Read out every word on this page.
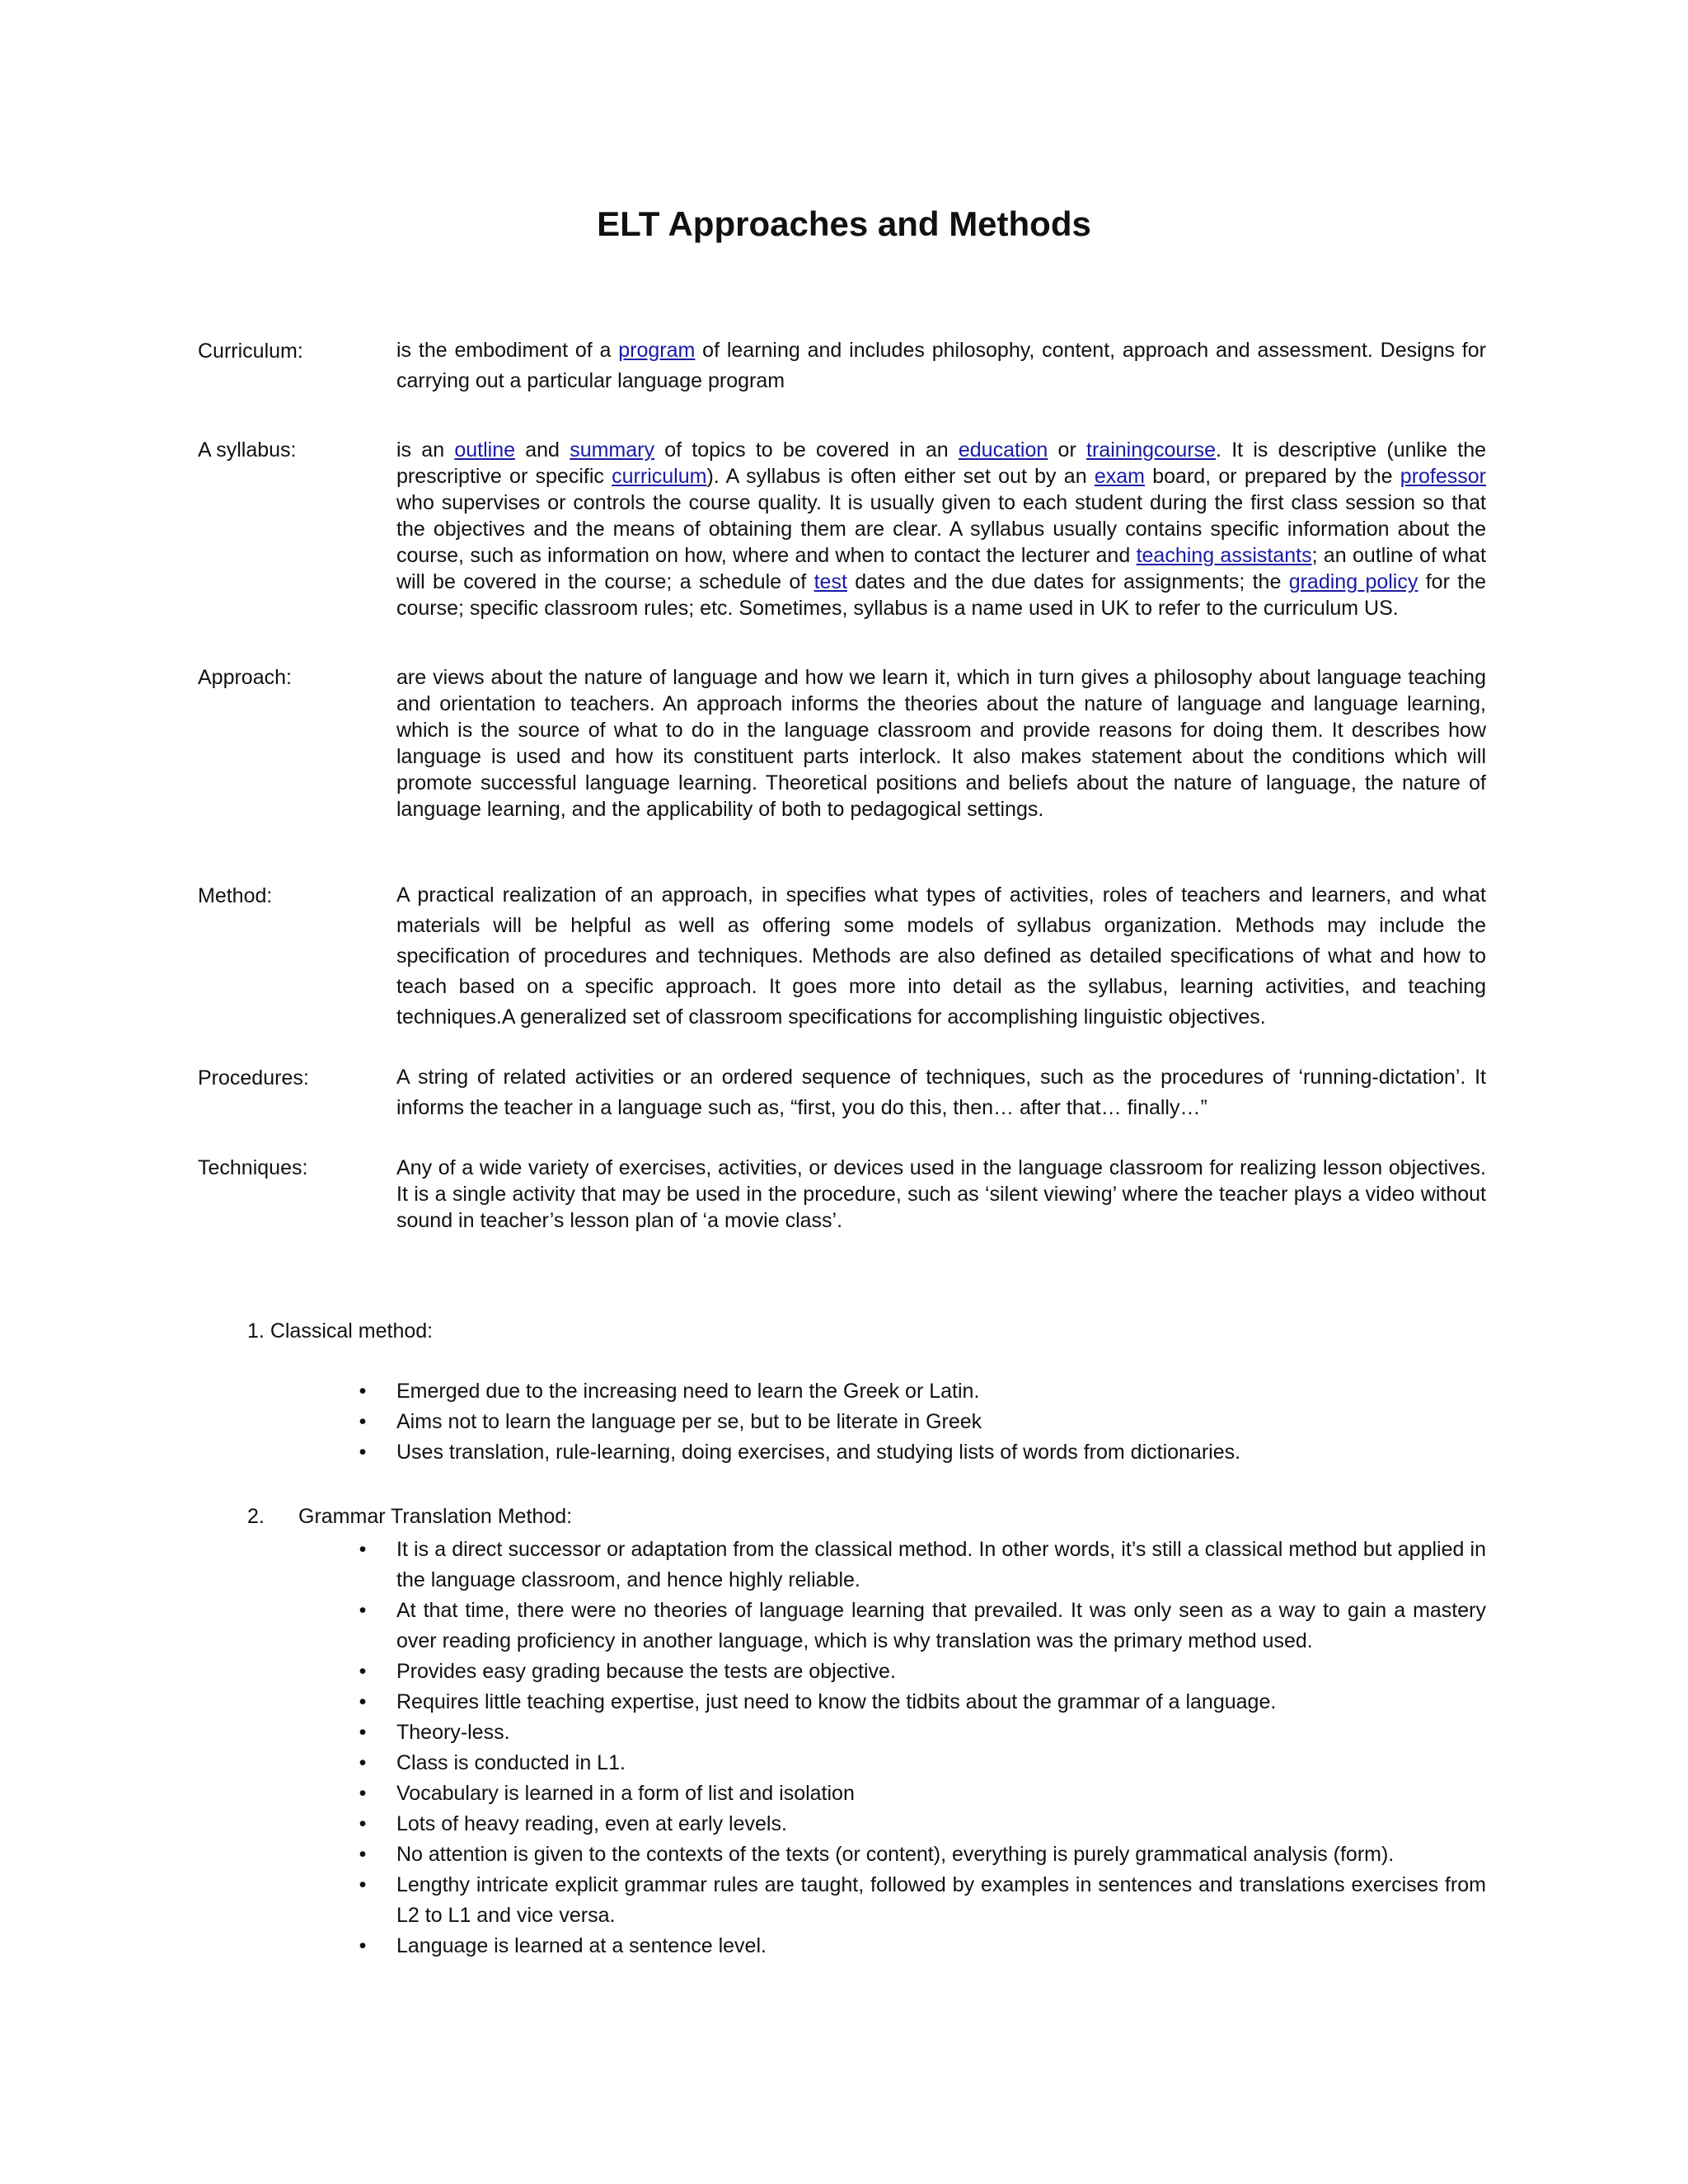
ELT Approaches and Methods
Curriculum:	is the embodiment of a program of learning and includes philosophy, content, approach and assessment. Designs for carrying out a particular language program
A syllabus:	is an outline and summary of topics to be covered in an education or trainingcourse. It is descriptive (unlike the prescriptive or specific curriculum). A syllabus is often either set out by an exam board, or prepared by the professor who supervises or controls the course quality. It is usually given to each student during the first class session so that the objectives and the means of obtaining them are clear. A syllabus usually contains specific information about the course, such as information on how, where and when to contact the lecturer and teaching assistants; an outline of what will be covered in the course; a schedule of test dates and the due dates for assignments; the grading policy for the course; specific classroom rules; etc. Sometimes, syllabus is a name used in UK to refer to the curriculum US.
Approach:	are views about the nature of language and how we learn it, which in turn gives a philosophy about language teaching and orientation to teachers. An approach informs the theories about the nature of language and language learning, which is the source of what to do in the language classroom and provide reasons for doing them. It describes how language is used and how its constituent parts interlock. It also makes statement about the conditions which will promote successful language learning. Theoretical positions and beliefs about the nature of language, the nature of language learning, and the applicability of both to pedagogical settings.
Method:	A practical realization of an approach, in specifies what types of activities, roles of teachers and learners, and what materials will be helpful as well as offering some models of syllabus organization. Methods may include the specification of procedures and techniques. Methods are also defined as detailed specifications of what and how to teach based on a specific approach. It goes more into detail as the syllabus, learning activities, and teaching techniques.A generalized set of classroom specifications for accomplishing linguistic objectives.
Procedures:	A string of related activities or an ordered sequence of techniques, such as the procedures of ‘running-dictation’. It informs the teacher in a language such as, “first, you do this, then… after that… finally…”
Techniques:	Any of a wide variety of exercises, activities, or devices used in the language classroom for realizing lesson objectives. It is a single activity that may be used in the procedure, such as ‘silent viewing’ where the teacher plays a video without sound in teacher’s lesson plan of ‘a movie class’.
1. Classical method:
• Emerged due to the increasing need to learn the Greek or Latin.
• Aims not to learn the language per se, but to be literate in Greek
• Uses translation, rule-learning, doing exercises, and studying lists of words from dictionaries.
2. Grammar Translation Method:
• It is a direct successor or adaptation from the classical method. In other words, it’s still a classical method but applied in the language classroom, and hence highly reliable.
• At that time, there were no theories of language learning that prevailed. It was only seen as a way to gain a mastery over reading proficiency in another language, which is why translation was the primary method used.
• Provides easy grading because the tests are objective.
• Requires little teaching expertise, just need to know the tidbits about the grammar of a language.
• Theory-less.
• Class is conducted in L1.
• Vocabulary is learned in a form of list and isolation
• Lots of heavy reading, even at early levels.
• No attention is given to the contexts of the texts (or content), everything is purely grammatical analysis (form).
• Lengthy intricate explicit grammar rules are taught, followed by examples in sentences and translations exercises from L2 to L1 and vice versa.
• Language is learned at a sentence level.
